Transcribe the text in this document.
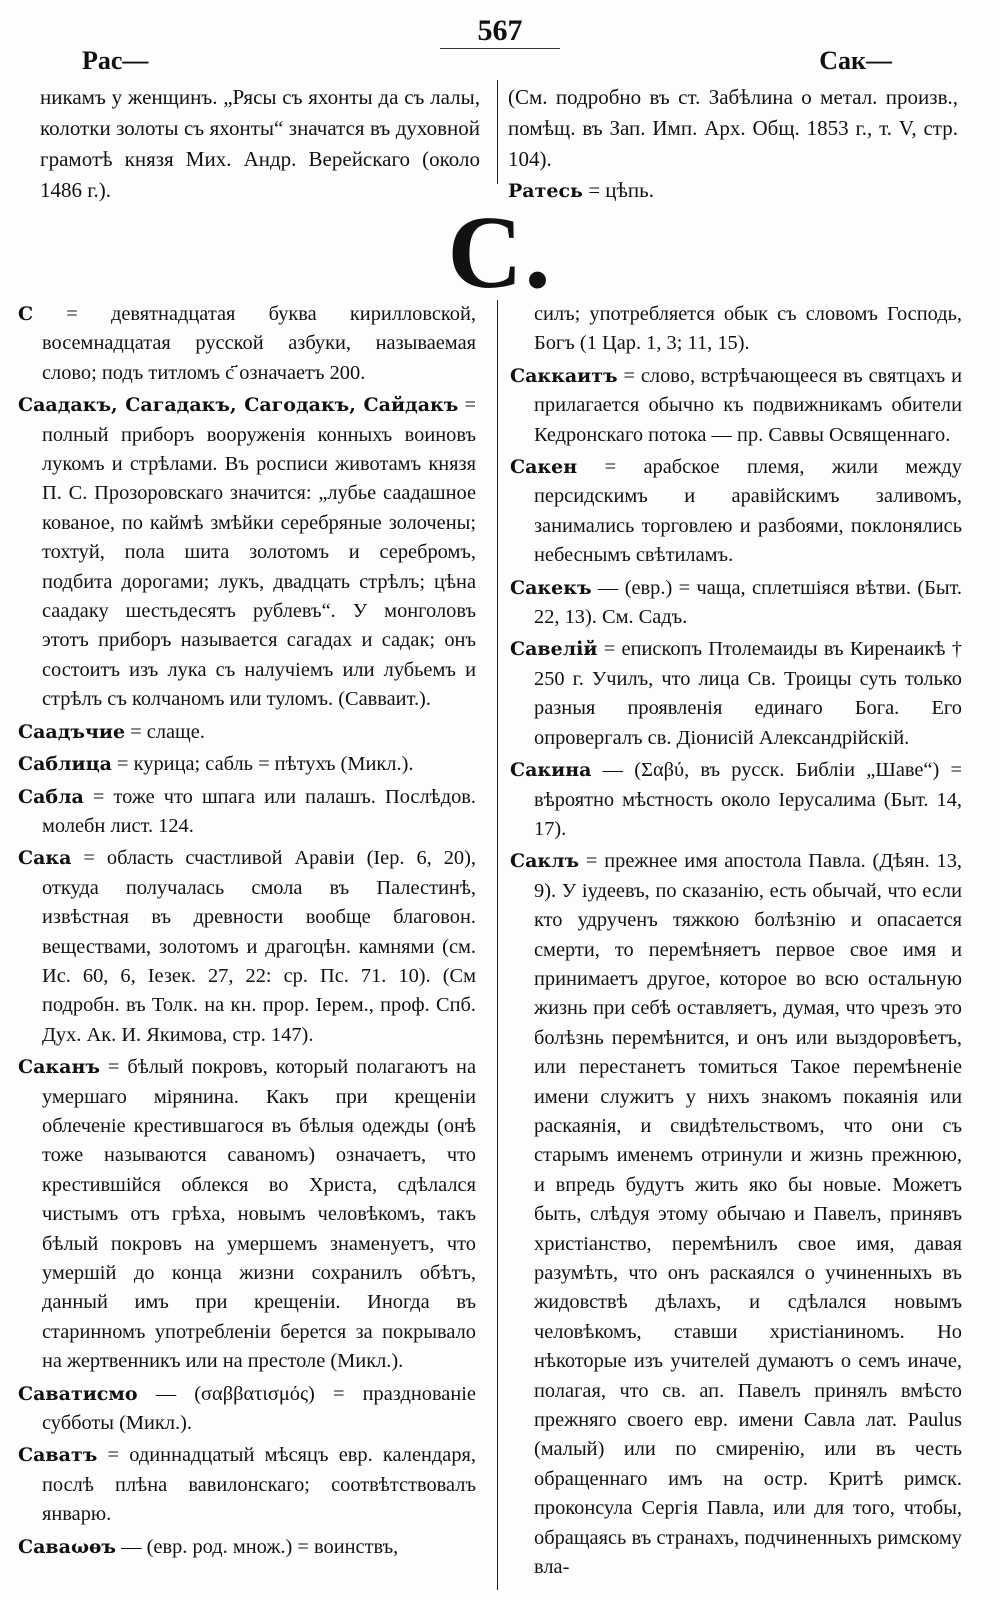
567
Рас—	Сак—

никамъ у женщинъ. „Рясы съ яхонты да съ лалы, колотки золоты съ яхонты“ значатся въ духовной грамотѣ князя Мих. Андр. Верейскаго (около 1486 г.).

(См. подробно въ ст. Забѣлина о метал. произв., помѣщ. въ Зап. Имп. Арх. Общ. 1853 г., т. V, стр. 104).

Ратесь = цѣпь.

С.

С = девятнадцатая буква кирилловской, восемнадцатая русской азбуки, называемая слово; подъ титломъ с҃ означаетъ 200.

Саадакъ, Сагадакъ, Сагодакъ, Сайдакъ = полный приборъ вооруженія конныхъ воиновъ лукомъ и стрѣлами. Въ росписи животамъ князя П. С. Прозоровскаго значится: „лубье саадашное кованое, по каймѣ змѣйки серебряные золочены; тохтуй, пола шита золотомъ и серебромъ, подбита дорогами; лукъ, двадцать стрѣлъ; цѣна саадаку шестьдесятъ рублевъ“. У монголовъ этотъ приборъ называется сагадах и садак; онъ состоитъ изъ лука съ налучіемъ или лубьемъ и стрѣлъ съ колчаномъ или туломъ. (Савваит.).

Саадъчие = слаще.

Саблица = курица; сабль = пѣтухъ (Микл.).

Сабла = тоже что шпага или палашъ. Послѣдов. молебн лист. 124.

Сака = область счастливой Аравіи (Iер. 6, 20), откуда получалась смола въ Палестинѣ, извѣстная въ древности вообще благовон. веществами, золотомъ и драгоцѣн. камнями (см. Ис. 60, 6, Iезек. 27, 22: ср. Пс. 71. 10). (См подробн. въ Толк. на кн. прор. Iерем., проф. Спб. Дух. Ак. И. Якимова, стр. 147).

Саканъ = бѣлый покровъ, который полагаютъ на умершаго мірянина. Какъ при крещеніи облеченіе крестившагося въ бѣлыя одежды (онѣ тоже называются саваномъ) означаетъ, что крестившійся облекся во Христа, сдѣлался чистымъ отъ грѣха, новымъ человѣкомъ, такъ бѣлый покровъ на умершемъ знаменуетъ, что умершій до конца жизни сохранилъ обѣтъ, данный имъ при крещеніи. Иногда въ старинномъ употребленіи берется за покрывало на жертвенникъ или на престоле (Микл.).

Саватисмо — (σαββατισμός) = празднованіе субботы (Микл.).

Саватъ = одиннадцатый мѣсяцъ евр. календаря, послѣ плѣна вавилонскаго; соотвѣтствовалъ январю.

Саваωѳъ — (евр. род. множ.) = воинствъ,

силъ; употребляется обык съ словомъ Господь, Богъ (1 Цар. 1, 3; 11, 15).

Саккаитъ = слово, встрѣчающееся въ святцахъ и прилагается обычно къ подвижникамъ обители Кедронскаго потока — пр. Саввы Освященнаго.

Сакен = арабское племя, жили между персидскимъ и аравійскимъ заливомъ, занимались торговлею и разбоями, поклонялись небеснымъ свѣтиламъ.

Сакекъ — (евр.) = чаща, сплетшіяся вѣтви. (Быт. 22, 13). См. Садъ.

Савелій = епископъ Птолемаиды въ Киренаикѣ † 250 г. Училъ, что лица Св. Троицы суть только разныя проявленія единаго Бога. Его опровергалъ св. Діонисій Александрійскій.

Сакина — (Σαβύ, въ русск. Библіи „Шаве“) = вѣроятно мѣстность около Iерусалима (Быт. 14, 17).

Саклъ = прежнее имя апостола Павла. (Дѣян. 13, 9). У іудеевъ, по сказанію, есть обычай, что если кто удрученъ тяжкою болѣзнію и опасается смерти, то перемѣняетъ первое свое имя и принимаетъ другое, которое во всю остальную жизнь при себѣ оставляетъ, думая, что чрезъ это болѣзнь перемѣнится, и онъ или выздоровѣетъ, или перестанетъ томиться Такое перемѣненіе имени служитъ у нихъ знакомъ покаянія или раскаянія, и свидѣтельствомъ, что они съ старымъ именемъ отринули и жизнь прежнюю, и впредь будутъ жить яко бы новые. Можетъ быть, слѣдуя этому обычаю и Павелъ, принявъ христіанство, перемѣнилъ свое имя, давая разумѣть, что онъ раскаялся о учиненныхъ въ жидовствѣ дѣлахъ, и сдѣлался новымъ человѣкомъ, ставши христіаниномъ. Но нѣкоторые изъ учителей думаютъ о семъ иначе, полагая, что св. ап. Павелъ принялъ вмѣсто прежняго своего евр. имени Савла лат. Paulus (малый) или по смиренію, или въ честь обращеннаго имъ на остр. Критѣ римск. проконсула Сергія Павла, или для того, чтобы, обращаясь въ странахъ, подчиненныхъ римскому вла-
